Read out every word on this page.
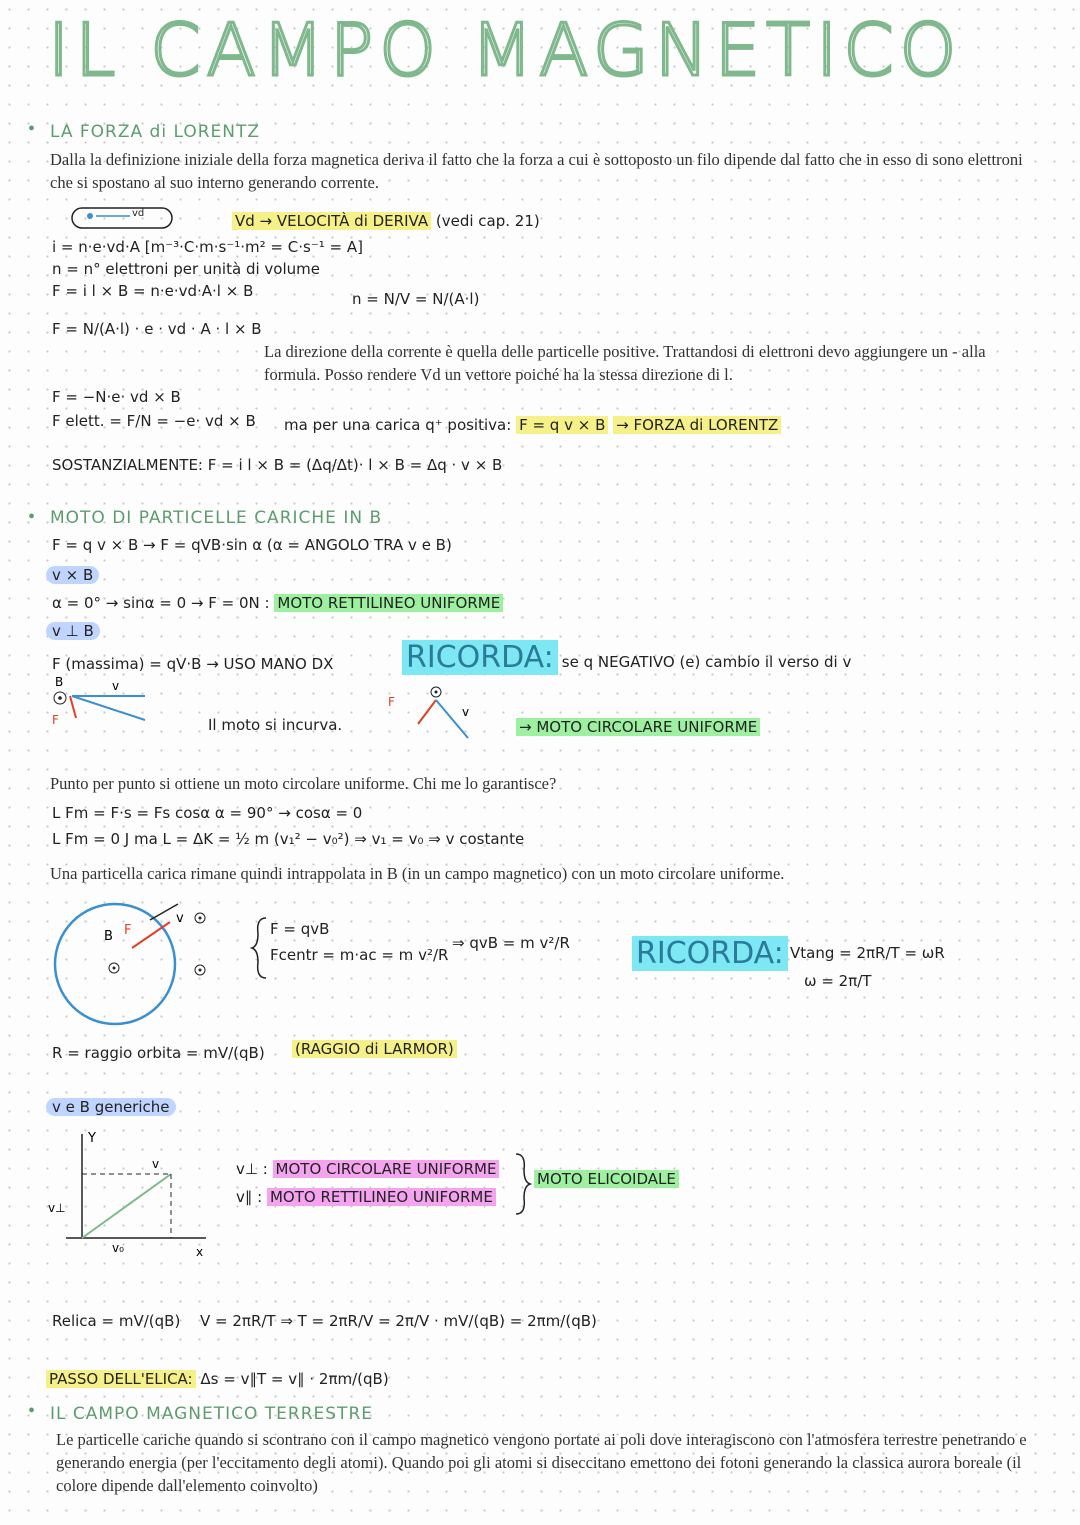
IL CAMPO MAGNETICO
• LA FORZA di LORENTZ

Dalla la definizione iniziale della forza magnetica deriva il fatto che la forza a cui è sottoposto un filo dipende dal fatto che in esso di sono elettroni che si spostano al suo interno generando corrente.

vd	Vd → VELOCITÀ di DERIVA (vedi cap. 21)
i = n·e·vd·A [m⁻³·C·m·s⁻¹·m² = C·s⁻¹ = A]
n = n° elettroni per unità di volume
F = i l × B = n·e·vd·A·l × B	n = N/V = N/(A·l)
F = N/(A·l) · e · vd · A · l × B

La direzione della corrente è quella delle particelle positive. Trattandosi di elettroni devo aggiungere un - alla formula. Posso rendere Vd un vettore poiché ha la stessa direzione di l.

F = −N·e· vd × B
F elett. = F/N = −e· vd × B ma per una carica q⁺ positiva: F = q v × B → FORZA di LORENTZ
SOSTANZIALMENTE: F = i l × B = (Δq/Δt)· l × B = Δq · v × B
• MOTO DI PARTICELLE CARICHE IN B
F = q v × B → F = qVB·sin α (α = ANGOLO TRA v e B)
v × B
α = 0° → sinα = 0 → F = 0N : MOTO RETTILINEO UNIFORME
v ⊥ B
F (massima) = qV·B → USO MANO DX RICORDA: se q NEGATIVO (e) cambio il verso di v
B
F
v
Il moto si incurva.
F
v
→ MOTO CIRCOLARE UNIFORME

Punto per punto si ottiene un moto circolare uniforme. Chi me lo garantisce?

L Fm = F·s = Fs cosα α = 90° → cosα = 0
L Fm = 0 J ma L = ΔK = ½ m (v₁² − v₀²) ⇒ v₁ = v₀ ⇒ v costante

Una particella carica rimane quindi intrappolata in B (in un campo magnetico) con un moto circolare uniforme.

B F
v
F = qvB
Fcentr = m·ac = m v²/R
⇒ qvB = m v²/R RICORDA: Vtang = 2πR/T = ωR
ω = 2π/T
R = raggio orbita = mV/(qB) (RAGGIO di LARMOR)
v e B generiche
Y
x
v
v⊥
v₀
v⊥ : MOTO CIRCOLARE UNIFORME
v∥ : MOTO RETTILINEO UNIFORME
MOTO ELICOIDALE
Relica = mV/(qB) V = 2πR/T ⇒ T = 2πR/V = 2π/V · mV/(qB) = 2πm/(qB)
PASSO DELL'ELICA: Δs = v∥T = v∥ · 2πm/(qB)
• IL CAMPO MAGNETICO TERRESTRE

Le particelle cariche quando si scontrano con il campo magnetico vengono portate ai poli dove interagiscono con l'atmosfera terrestre penetrando e generando energia (per l'eccitamento degli atomi). Quando poi gli atomi si diseccitano emettono dei fotoni generando la classica aurora boreale (il colore dipende dall'elemento coinvolto)
